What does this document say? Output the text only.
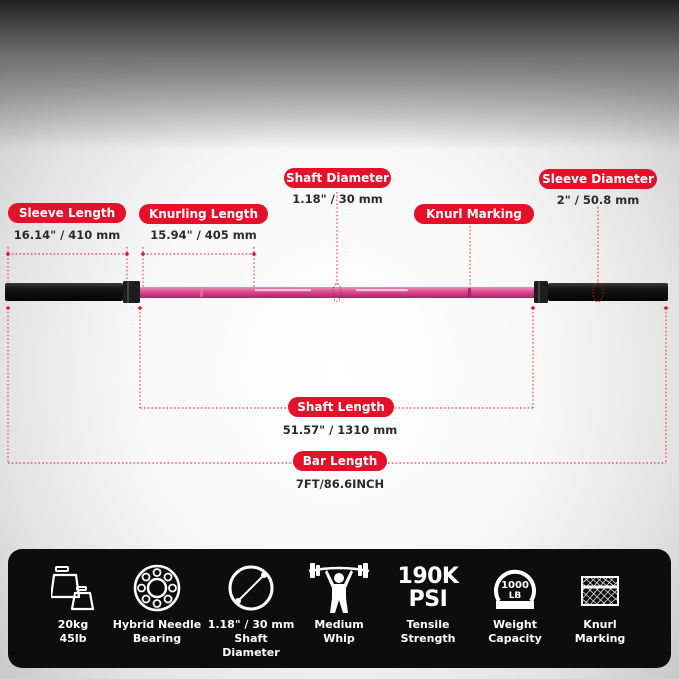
Sleeve Length
16.14" / 410 mm
Knurling Length
15.94" / 405 mm
Shaft Diameter
1.18" / 30 mm
Knurl Marking
Sleeve Diameter
2" / 50.8 mm
Shaft Length
51.57" / 1310 mm
Bar Length
7FT/86.6INCH
20kg
45lb
Hybrid Needle
Bearing
1.18" / 30 mm
Shaft Diameter
Medium
Whip
190K
PSI
Tensile
Strength
1000
LB
Weight
Capacity
Knurl
Marking
